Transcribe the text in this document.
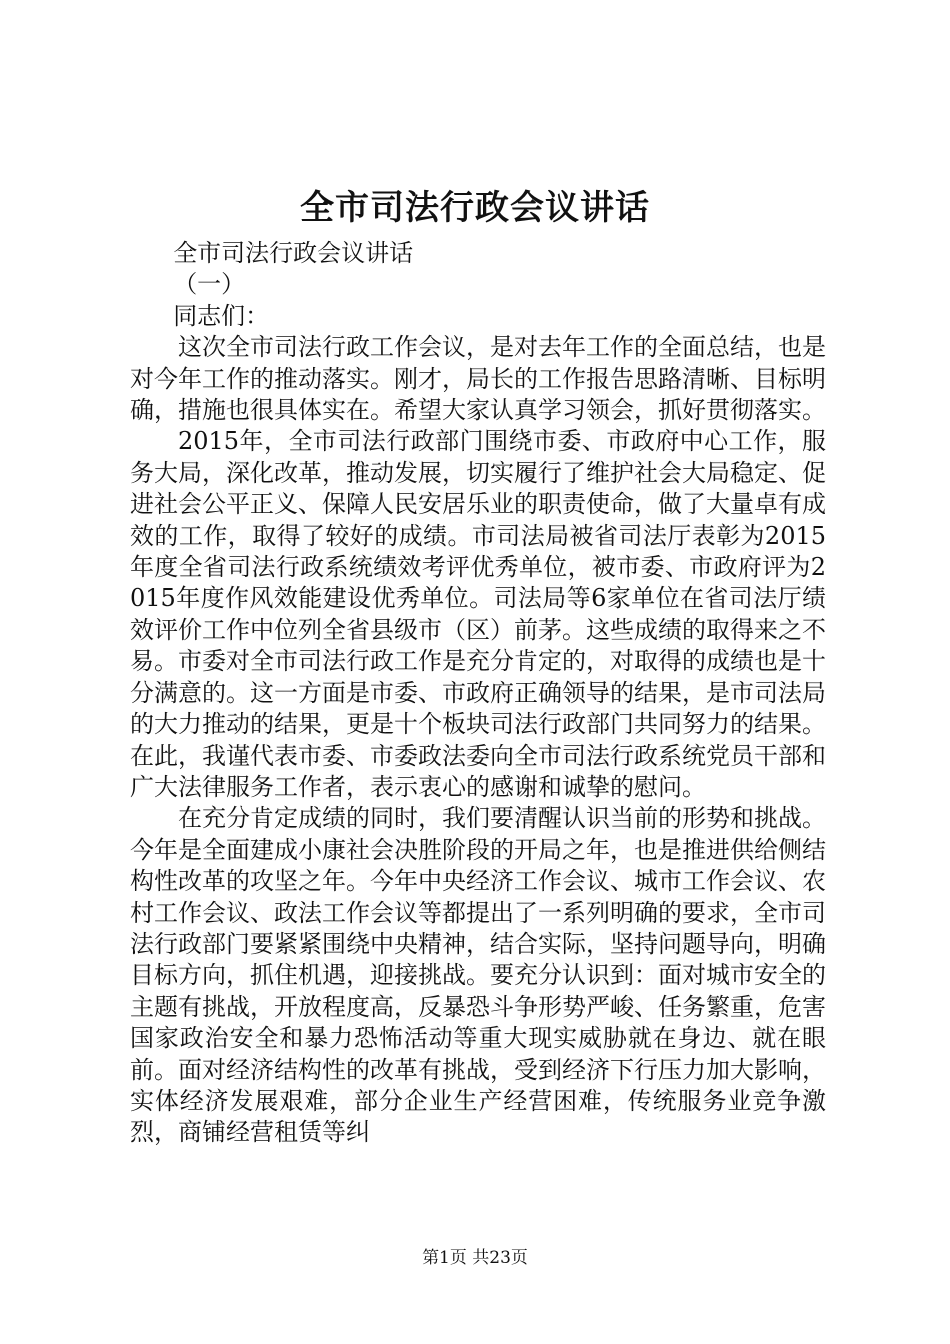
全市司法行政会议讲话

全市司法行政会议讲话

（一）

同志们：

这次全市司法行政工作会议，是对去年工作的全面总结，也是对今年工作的推动落实。刚才，局长的工作报告思路清晰、目标明确，措施也很具体实在。希望大家认真学习领会，抓好贯彻落实。

2015年，全市司法行政部门围绕市委、市政府中心工作，服务大局，深化改革，推动发展，切实履行了维护社会大局稳定、促进社会公平正义、保障人民安居乐业的职责使命，做了大量卓有成效的工作，取得了较好的成绩。市司法局被省司法厅表彰为2015年度全省司法行政系统绩效考评优秀单位，被市委、市政府评为2015年度作风效能建设优秀单位。司法局等6家单位在省司法厅绩效评价工作中位列全省县级市（区）前茅。这些成绩的取得来之不易。市委对全市司法行政工作是充分肯定的，对取得的成绩也是十分满意的。这一方面是市委、市政府正确领导的结果，是市司法局的大力推动的结果，更是十个板块司法行政部门共同努力的结果。在此，我谨代表市委、市委政法委向全市司法行政系统党员干部和广大法律服务工作者，表示衷心的感谢和诚挚的慰问。

在充分肯定成绩的同时，我们要清醒认识当前的形势和挑战。今年是全面建成小康社会决胜阶段的开局之年，也是推进供给侧结构性改革的攻坚之年。今年中央经济工作会议、城市工作会议、农村工作会议、政法工作会议等都提出了一系列明确的要求，全市司法行政部门要紧紧围绕中央精神，结合实际，坚持问题导向，明确目标方向，抓住机遇，迎接挑战。要充分认识到：面对城市安全的主题有挑战，开放程度高，反暴恐斗争形势严峻、任务繁重，危害国家政治安全和暴力恐怖活动等重大现实威胁就在身边、就在眼前。面对经济结构性的改革有挑战，受到经济下行压力加大影响，实体经济发展艰难，部分企业生产经营困难，传统服务业竞争激烈，商铺经营租赁等纠

第1页 共23页
